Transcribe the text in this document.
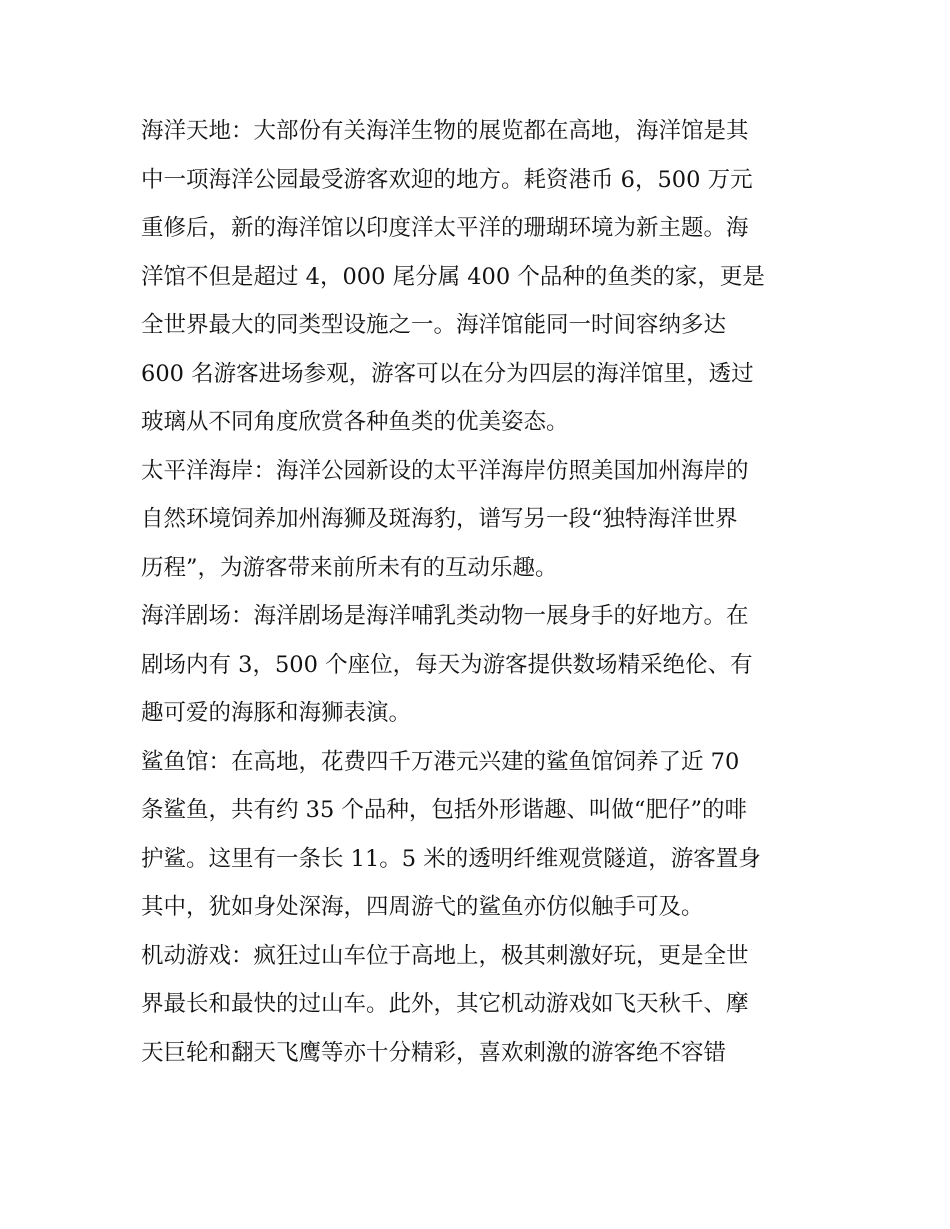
海洋天地：大部份有关海洋生物的展览都在高地，海洋馆是其
中一项海洋公园最受游客欢迎的地方。耗资港币 6，500 万元
重修后，新的海洋馆以印度洋太平洋的珊瑚环境为新主题。海
洋馆不但是超过 4，000 尾分属 400 个品种的鱼类的家，更是
全世界最大的同类型设施之一。海洋馆能同一时间容纳多达
600 名游客进场参观，游客可以在分为四层的海洋馆里，透过
玻璃从不同角度欣赏各种鱼类的优美姿态。
太平洋海岸：海洋公园新设的太平洋海岸仿照美国加州海岸的
自然环境饲养加州海狮及斑海豹，谱写另一段“独特海洋世界
历程”，为游客带来前所未有的互动乐趣。
海洋剧场：海洋剧场是海洋哺乳类动物一展身手的好地方。在
剧场内有 3，500 个座位，每天为游客提供数场精采绝伦、有
趣可爱的海豚和海狮表演。
鲨鱼馆：在高地，花费四千万港元兴建的鲨鱼馆饲养了近 70
条鲨鱼，共有约 35 个品种，包括外形谐趣、叫做“肥仔”的啡
护鲨。这里有一条长 11。5 米的透明纤维观赏隧道，游客置身
其中，犹如身处深海，四周游弋的鲨鱼亦仿似触手可及。
机动游戏：疯狂过山车位于高地上，极其刺激好玩，更是全世
界最长和最快的过山车。此外，其它机动游戏如飞天秋千、摩
天巨轮和翻天飞鹰等亦十分精彩，喜欢刺激的游客绝不容错
